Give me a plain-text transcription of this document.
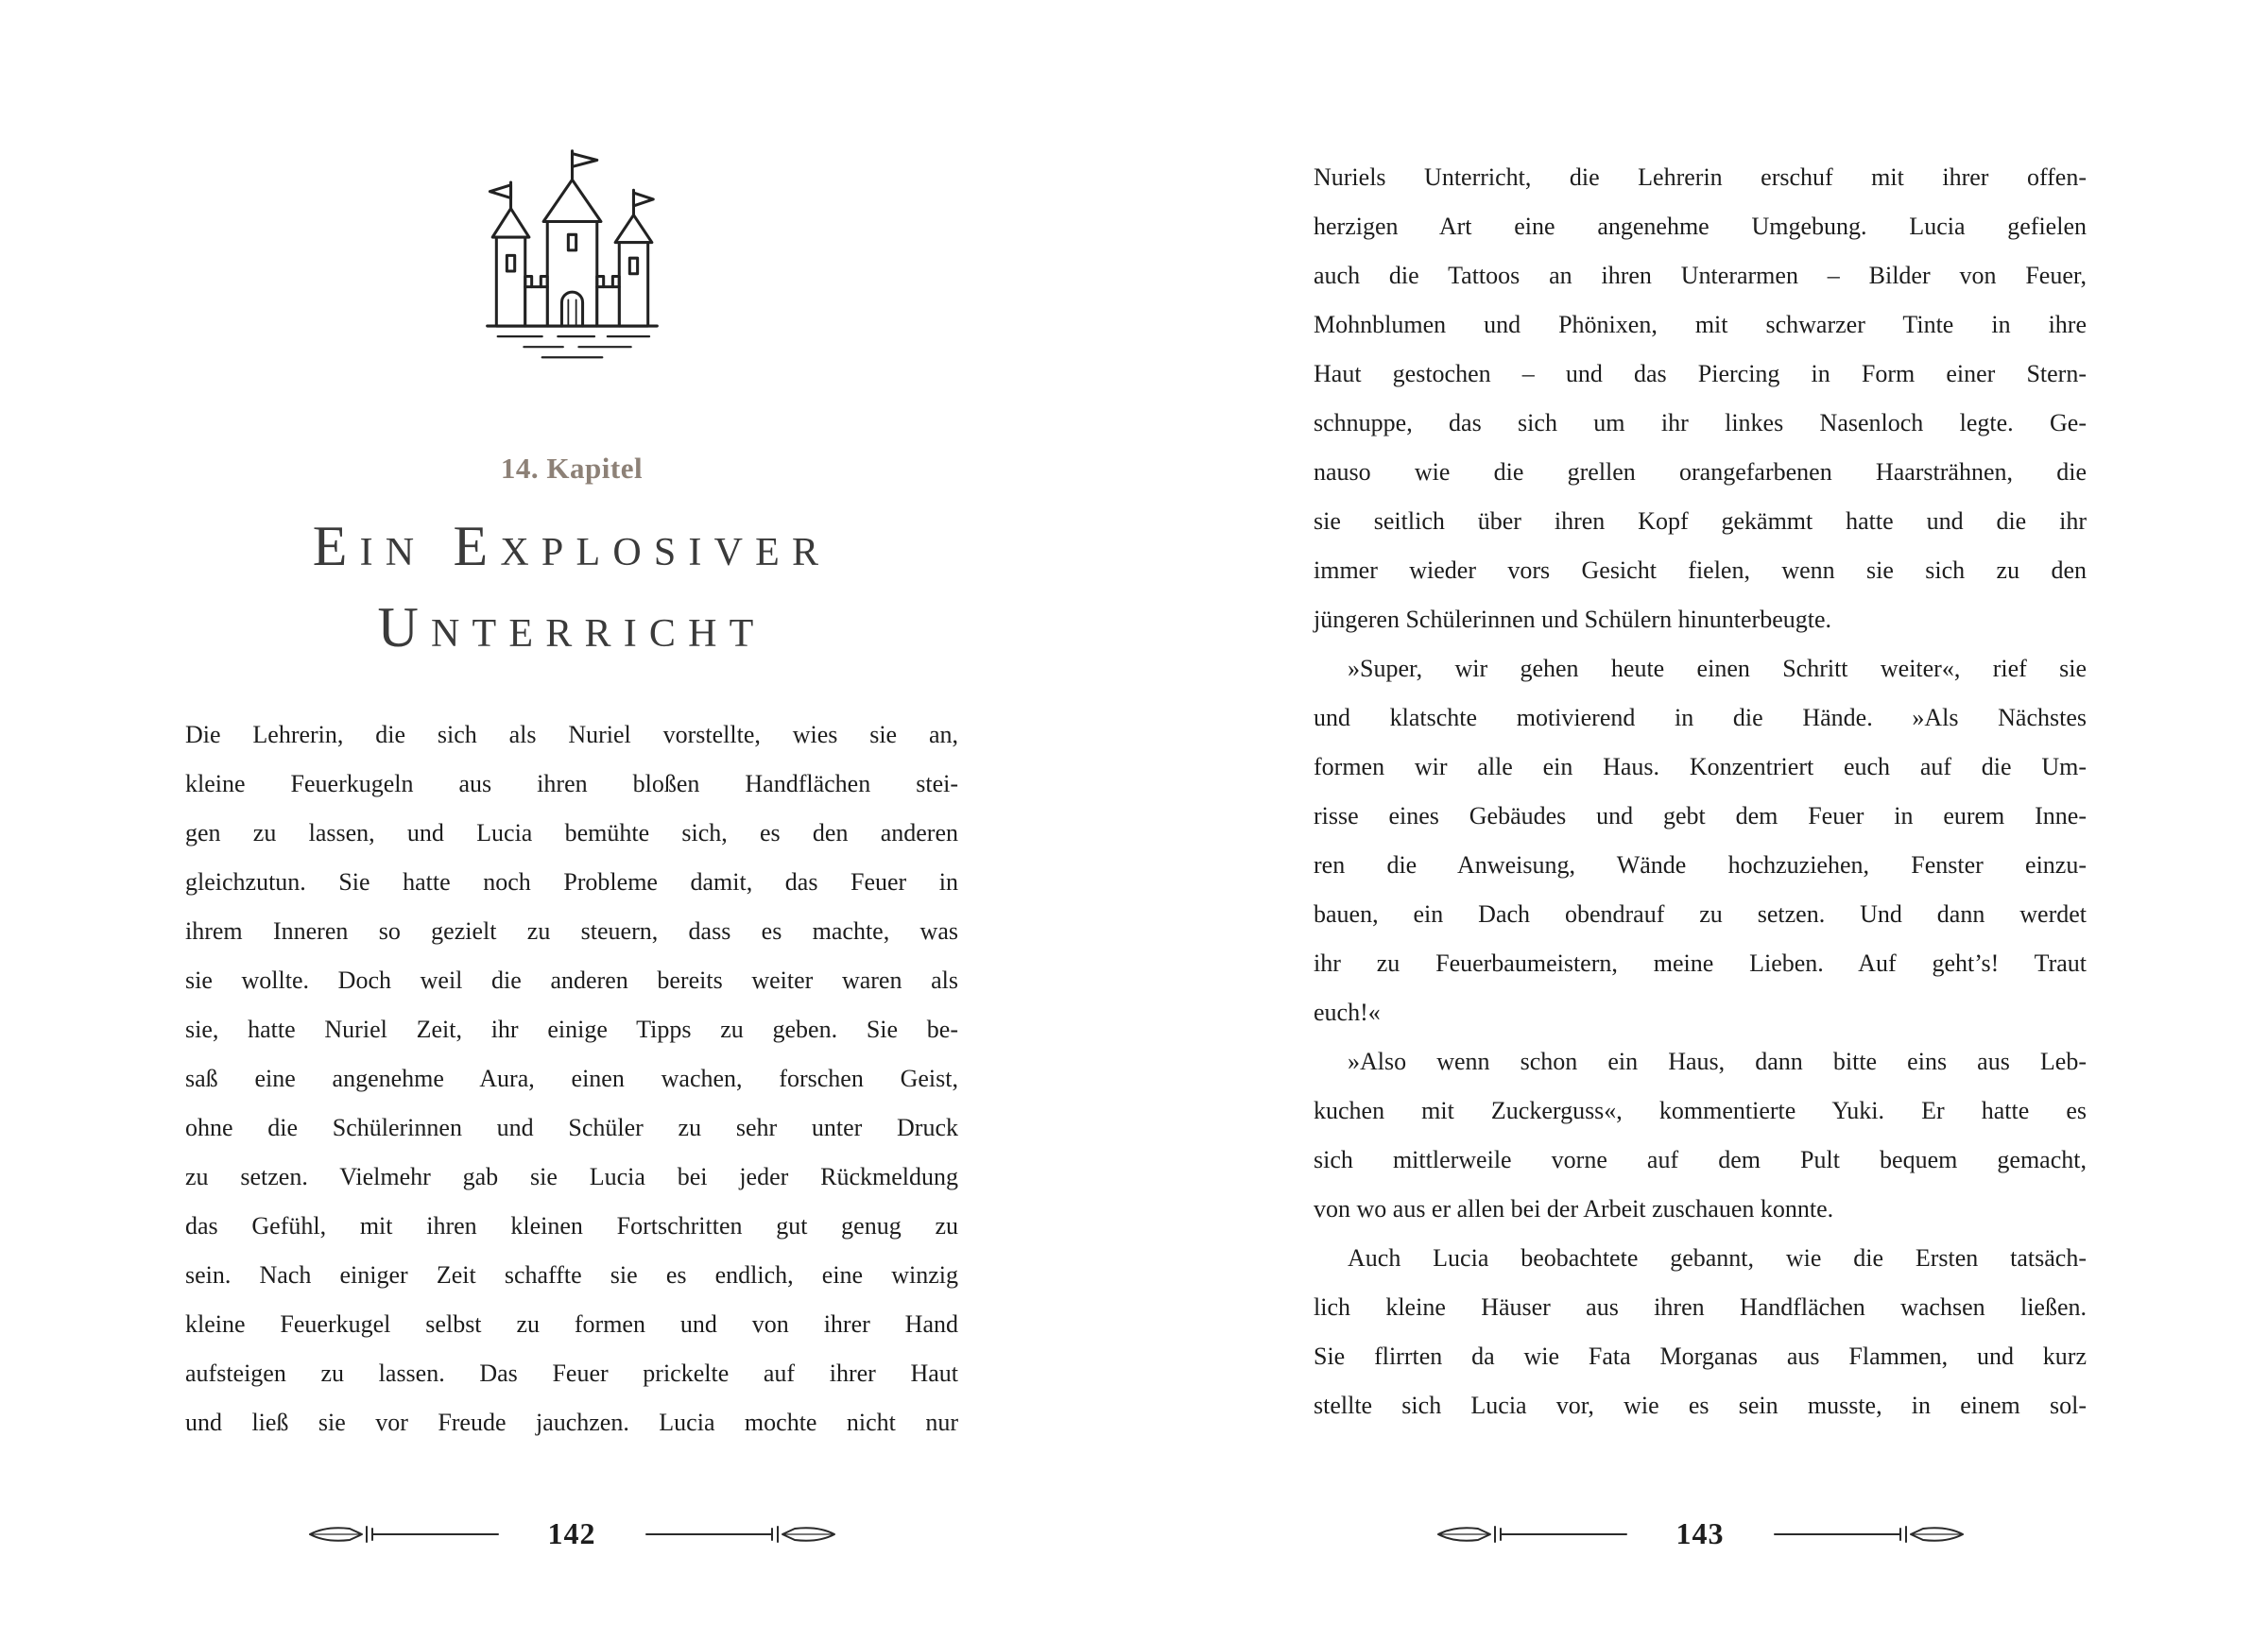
14. Kapitel
Ein Explosiver
Unterricht
Die Lehrerin, die sich als Nuriel vorstellte, wies sie an,
kleine Feuerkugeln aus ihren bloßen Handflächen stei-
gen zu lassen, und Lucia bemühte sich, es den anderen
gleichzutun. Sie hatte noch Probleme damit, das Feuer in
ihrem Inneren so gezielt zu steuern, dass es machte, was
sie wollte. Doch weil die anderen bereits weiter waren als
sie, hatte Nuriel Zeit, ihr einige Tipps zu geben. Sie be-
saß eine angenehme Aura, einen wachen, forschen Geist,
ohne die Schülerinnen und Schüler zu sehr unter Druck
zu setzen. Vielmehr gab sie Lucia bei jeder Rückmeldung
das Gefühl, mit ihren kleinen Fortschritten gut genug zu
sein. Nach einiger Zeit schaffte sie es endlich, eine winzig
kleine Feuerkugel selbst zu formen und von ihrer Hand
aufsteigen zu lassen. Das Feuer prickelte auf ihrer Haut
und ließ sie vor Freude jauchzen. Lucia mochte nicht nur
142
Nuriels Unterricht, die Lehrerin erschuf mit ihrer offen-
herzigen Art eine angenehme Umgebung. Lucia gefielen
auch die Tattoos an ihren Unterarmen – Bilder von Feuer,
Mohnblumen und Phönixen, mit schwarzer Tinte in ihre
Haut gestochen – und das Piercing in Form einer Stern-
schnuppe, das sich um ihr linkes Nasenloch legte. Ge-
nauso wie die grellen orangefarbenen Haarsträhnen, die
sie seitlich über ihren Kopf gekämmt hatte und die ihr
immer wieder vors Gesicht fielen, wenn sie sich zu den
jüngeren Schülerinnen und Schülern hinunterbeugte.
»Super, wir gehen heute einen Schritt weiter«, rief sie
und klatschte motivierend in die Hände. »Als Nächstes
formen wir alle ein Haus. Konzentriert euch auf die Um-
risse eines Gebäudes und gebt dem Feuer in eurem Inne-
ren die Anweisung, Wände hochzuziehen, Fenster einzu-
bauen, ein Dach obendrauf zu setzen. Und dann werdet
ihr zu Feuerbaumeistern, meine Lieben. Auf geht’s! Traut
euch!«
»Also wenn schon ein Haus, dann bitte eins aus Leb-
kuchen mit Zuckerguss«, kommentierte Yuki. Er hatte es
sich mittlerweile vorne auf dem Pult bequem gemacht,
von wo aus er allen bei der Arbeit zuschauen konnte.
Auch Lucia beobachtete gebannt, wie die Ersten tatsäch-
lich kleine Häuser aus ihren Handflächen wachsen ließen.
Sie flirrten da wie Fata Morganas aus Flammen, und kurz
stellte sich Lucia vor, wie es sein musste, in einem sol-
143
